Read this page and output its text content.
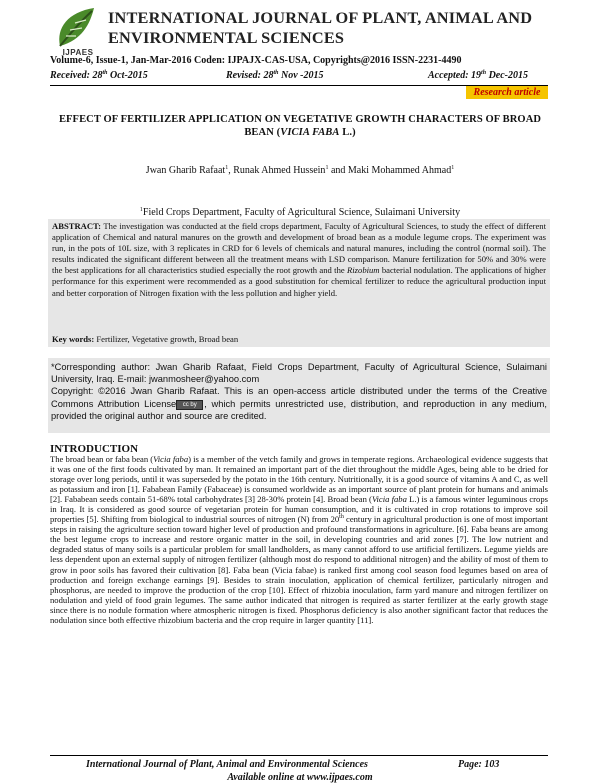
IJPAES
INTERNATIONAL JOURNAL OF PLANT, ANIMAL AND ENVIRONMENTAL SCIENCES
Volume-6, Issue-1, Jan-Mar-2016 Coden: IJPAJX-CAS-USA, Copyrights@2016 ISSN-2231-4490
Received: 28th Oct-2015	Revised: 28th Nov -2015	Accepted: 19th Dec-2015
Research article
EFFECT OF FERTILIZER APPLICATION ON VEGETATIVE GROWTH CHARACTERS OF BROAD BEAN (VICIA FABA L.)
Jwan Gharib Rafaat$^1$, Runak Ahmed Hussein$^1$ and Maki Mohammed Ahmad$^1$
$^1$Field Crops Department, Faculty of Agricultural Science, Sulaimani University
ABSTRACT: The investigation was conducted at the field crops department, Faculty of Agricultural Sciences, to study the effect of different application of Chemical and natural manures on the growth and development of broad bean as a module legume crops. The experiment was run, in the pots of 10L size, with 3 replicates in CRD for 6 levels of chemicals and natural manures, including the control (normal soil). The results indicated the significant different between all the treatment means with LSD comparison. Manure fertilization for 50% and 30% were the best applications for all characteristics studied especially the root growth and the Rizobium bacterial nodulation. The applications of higher performance for this experiment were recommended as a good substitution for chemical fertilizer to reduce the agricultural production input and better corporation of Nitrogen fixation with the less pollution and higher yield.
Key words: Fertilizer, Vegetative growth, Broad bean
*Corresponding author: Jwan Gharib Rafaat, Field Crops Department, Faculty of Agricultural Science, Sulaimani University, Iraq. E-mail: jwanmosheer@yahoo.com
Copyright: ©2016 Jwan Gharib Rafaat. This is an open-access article distributed under the terms of the Creative Commons Attribution License cc by , which permits unrestricted use, distribution, and reproduction in any medium, provided the original author and source are credited.
INTRODUCTION
The broad bean or faba bean (Vicia faba) is a member of the vetch family and grows in temperate regions. Archaeological evidence suggests that it was one of the first foods cultivated by man. It remained an important part of the diet throughout the middle Ages, being able to be dried for storage over long periods, until it was superseded by the potato in the 16th century. Nutritionally, it is a good source of vitamins A and C, as well as potassium and iron [1]. Fababean Family (Fabaceae) is consumed worldwide as an important source of plant protein for humans and animals [2]. Fababean seeds contain 51-68% total carbohydrates [3] 28-30% protein [4]. Broad bean (Vicia faba L.) is a famous winter leguminous crops in Iraq. It is considered as good source of vegetarian protein for human consumption, and it is cultivated in crop rotations to improve soil properties [5]. Shifting from biological to industrial sources of nitrogen (N) from 20th century in agricultural production is one of most important steps in raising the agriculture section toward higher level of production and profound transformations in agriculture. [6]. Faba beans are among the best legume crops to increase and restore organic matter in the soil, in developing countries and arid zones [7]. The low nutrient and degraded status of many soils is a particular problem for small landholders, as many cannot afford to use artificial fertilizers. Legume yields are less dependent upon an external supply of nitrogen fertilizer (although most do respond to additional nitrogen) and the ability of most of them to grow in poor soils has favored their cultivation [8]. Faba bean (Vicia fabae) is ranked first among cool season food legumes based on area of production and foreign exchange earnings [9]. Besides to strain inoculation, application of chemical fertilizer, particularly nitrogen and phosphorus, are needed to improve the production of the crop [10]. Effect of rhizobia inoculation, farm yard manure and nitrogen fertilizer on nodulation and yield of food grain legumes. The same author indicated that nitrogen is required as starter fertilizer at the early growth stage since there is no nodule formation where atmospheric nitrogen is fixed. Phosphorus deficiency is also another significant factor that reduces the nodulation since both effective rhizobium bacteria and the crop require in larger quantity [11].
International Journal of Plant, Animal and Environmental Sciences	Page: 103
Available online at www.ijpaes.com
